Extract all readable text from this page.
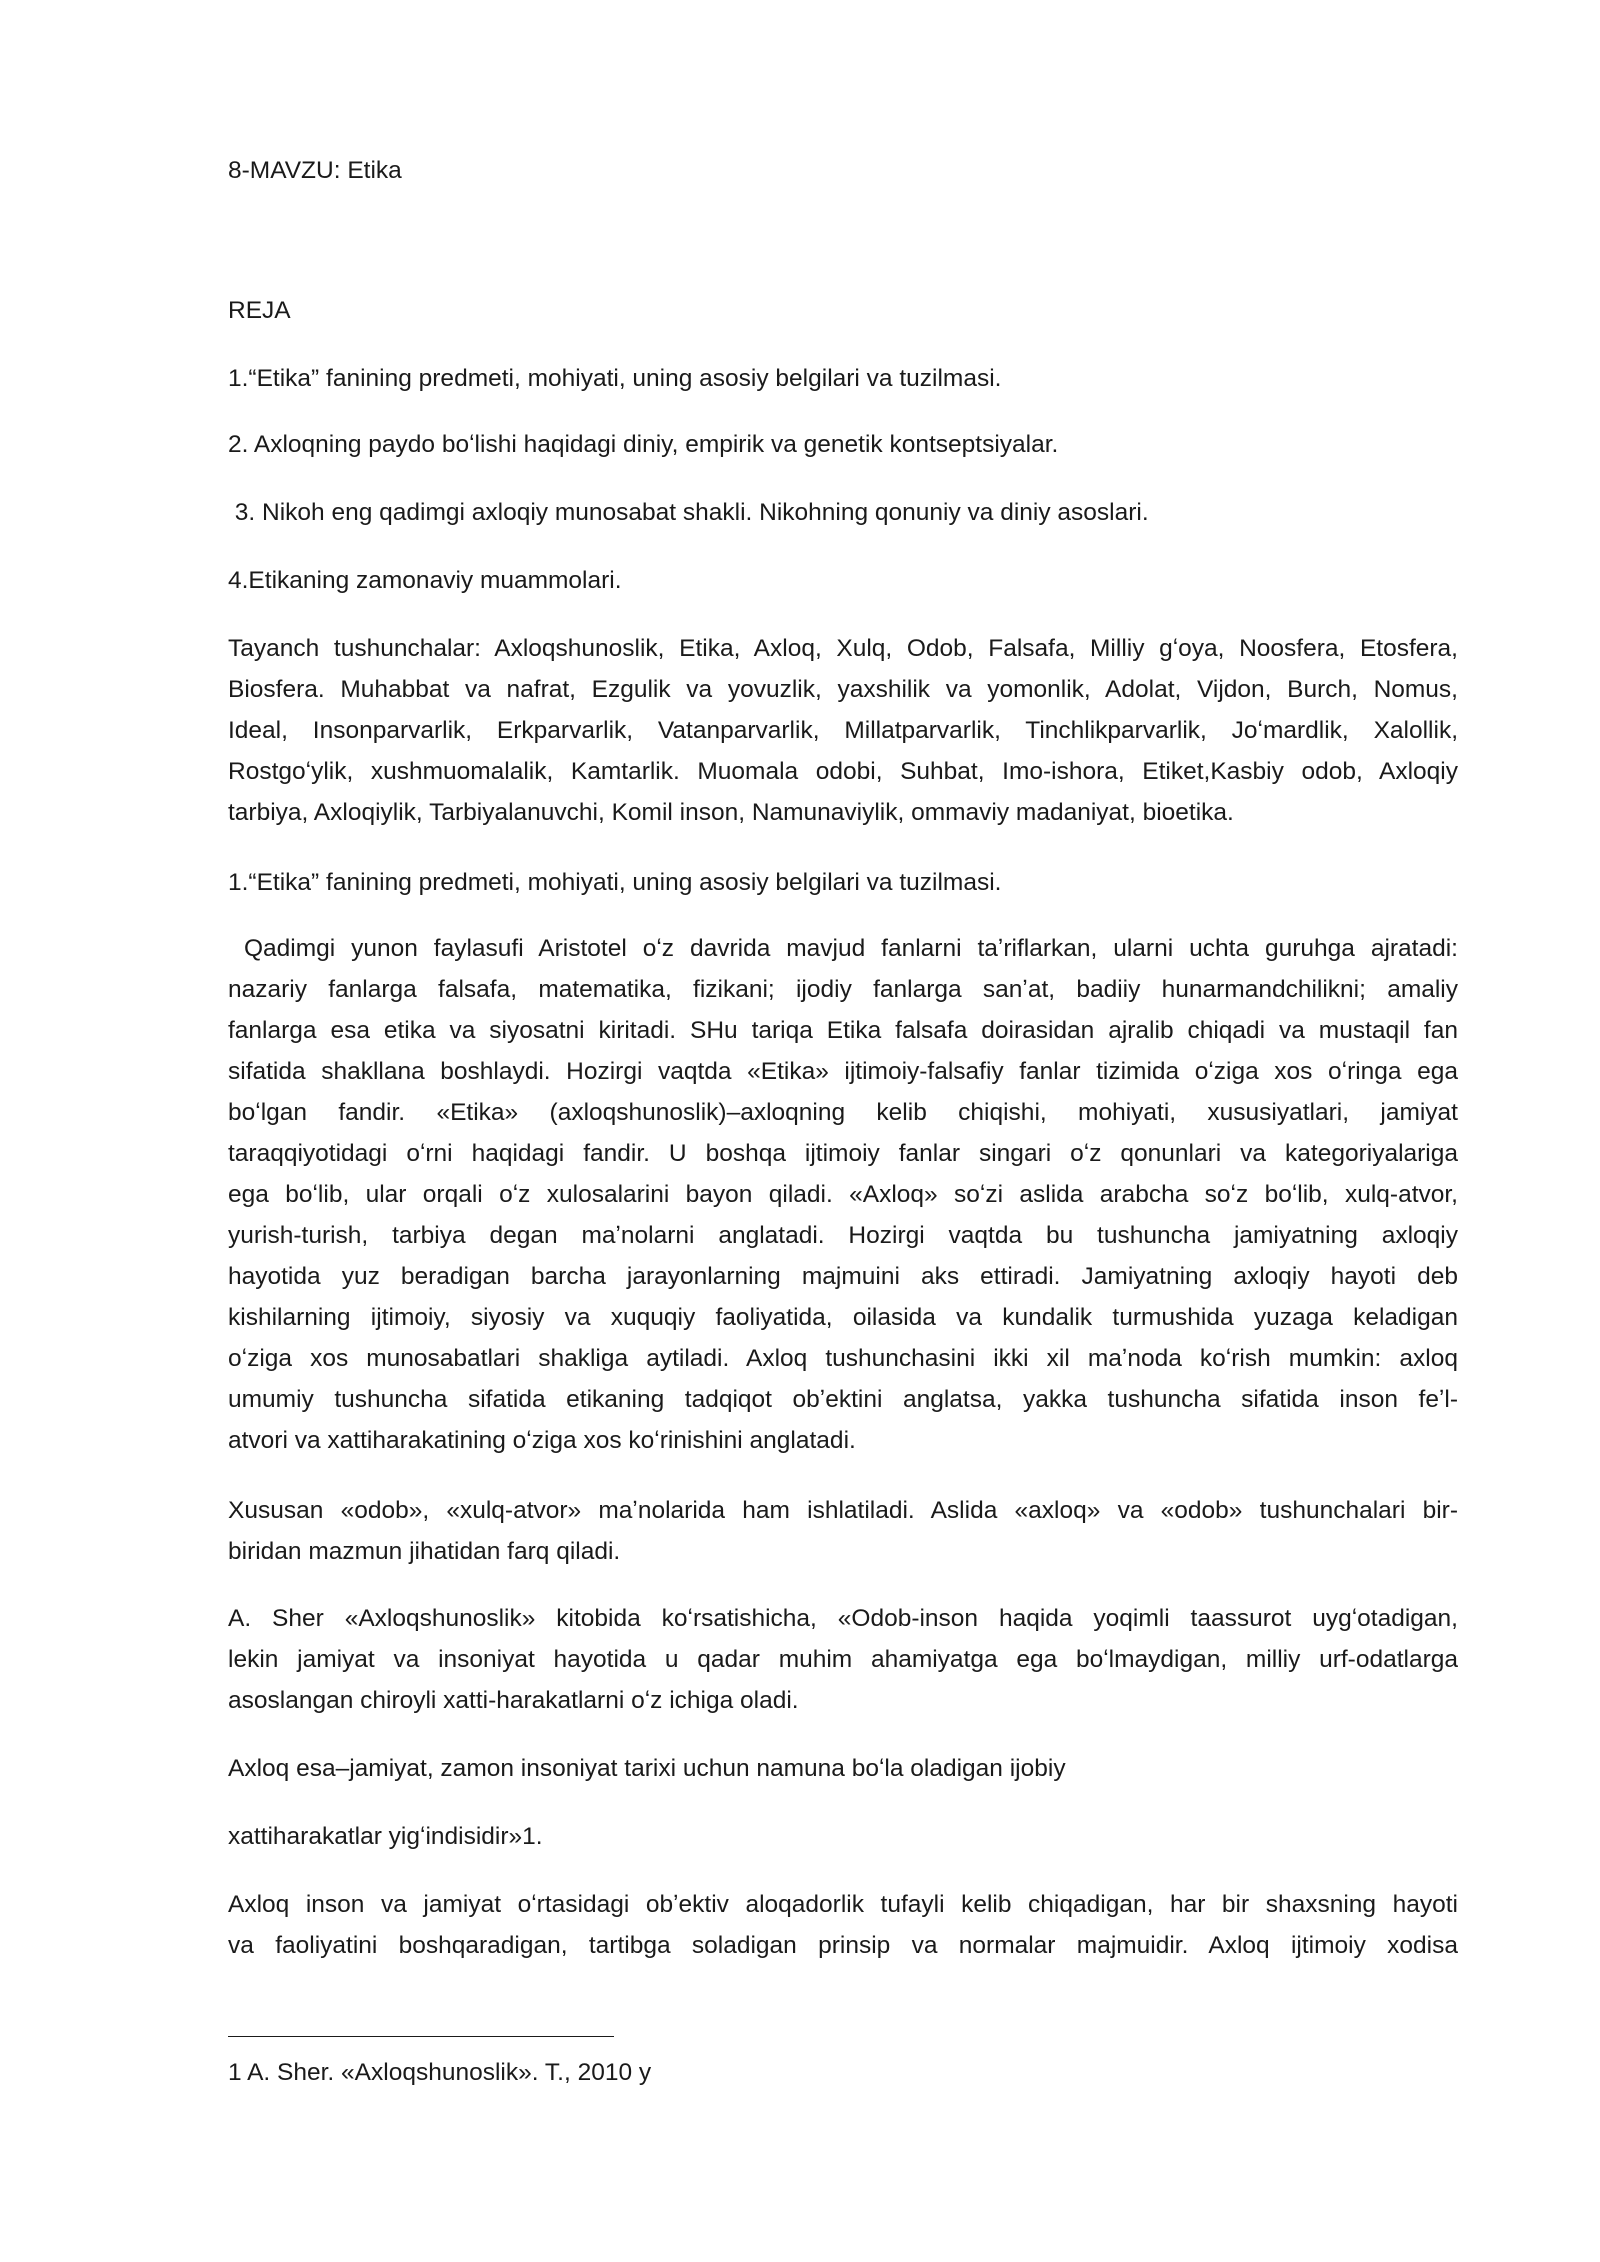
8-MAVZU: Etika

REJA

1.“Etika” fanining predmeti, mohiyati, uning asosiy belgilari va tuzilmasi.

2. Axloqning paydo boʻlishi haqidagi diniy, empirik va genetik kontseptsiyalar.

3. Nikoh eng qadimgi axloqiy munosabat shakli. Nikohning qonuniy va diniy asoslari.

4.Etikaning zamonaviy muammolari.

Tayanch tushunchalar: Axloqshunoslik, Etika, Axloq, Xulq, Odob, Falsafa, Milliy gʻoya, Noosfera, Etosfera,
Biosfera. Muhabbat va nafrat, Ezgulik va yovuzlik, yaxshilik va yomonlik, Adolat, Vijdon, Burch, Nomus,
Ideal, Insonparvarlik, Erkparvarlik, Vatanparvarlik, Millatparvarlik, Tinchlikparvarlik, Joʻmardlik, Xalollik,
Rostgoʻylik, xushmuomalalik, Kamtarlik. Muomala odobi, Suhbat, Imo-ishora, Etiket,Kasbiy odob, Axloqiy
tarbiya, Axloqiylik, Tarbiyalanuvchi, Komil inson, Namunaviylik, ommaviy madaniyat, bioetika.

1.“Etika” fanining predmeti, mohiyati, uning asosiy belgilari va tuzilmasi.

Qadimgi yunon faylasufi Aristotel oʻz davrida mavjud fanlarni taʼriflarkan, ularni uchta guruhga ajratadi:
nazariy fanlarga falsafa, matematika, fizikani; ijodiy fanlarga sanʼat, badiiy hunarmandchilikni; amaliy
fanlarga esa etika va siyosatni kiritadi. SHu tariqa Etika falsafa doirasidan ajralib chiqadi va mustaqil fan
sifatida shakllana boshlaydi. Hozirgi vaqtda «Etika» ijtimoiy-falsafiy fanlar tizimida oʻziga xos oʻringa ega
boʻlgan fandir. «Etika» (axloqshunoslik)–axloqning kelib chiqishi, mohiyati, xususiyatlari, jamiyat
taraqqiyotidagi oʻrni haqidagi fandir. U boshqa ijtimoiy fanlar singari oʻz qonunlari va kategoriyalariga
ega boʻlib, ular orqali oʻz xulosalarini bayon qiladi. «Axloq» soʻzi aslida arabcha soʻz boʻlib, xulq-atvor,
yurish-turish, tarbiya degan maʼnolarni anglatadi. Hozirgi vaqtda bu tushuncha jamiyatning axloqiy
hayotida yuz beradigan barcha jarayonlarning majmuini aks ettiradi. Jamiyatning axloqiy hayoti deb
kishilarning ijtimoiy, siyosiy va xuquqiy faoliyatida, oilasida va kundalik turmushida yuzaga keladigan
oʻziga xos munosabatlari shakliga aytiladi. Axloq tushunchasini ikki xil maʼnoda koʻrish mumkin: axloq
umumiy tushuncha sifatida etikaning tadqiqot obʼektini anglatsa, yakka tushuncha sifatida inson feʼl-
atvori va xattiharakatining oʻziga xos koʻrinishini anglatadi.
Xususan «odob», «xulq-atvor» maʼnolarida ham ishlatiladi. Aslida «axloq» va «odob» tushunchalari bir-
biridan mazmun jihatidan farq qiladi.
A. Sher «Axloqshunoslik» kitobida koʻrsatishicha, «Odob-inson haqida yoqimli taassurot uygʻotadigan,
lekin jamiyat va insoniyat hayotida u qadar muhim ahamiyatga ega boʻlmaydigan, milliy urf-odatlarga
asoslangan chiroyli xatti-harakatlarni oʻz ichiga oladi.

Axloq esa–jamiyat, zamon insoniyat tarixi uchun namuna boʻla oladigan ijobiy

xattiharakatlar yigʻindisidir»1.

Axloq inson va jamiyat oʻrtasidagi obʼektiv aloqadorlik tufayli kelib chiqadigan, har bir shaxsning hayoti
va faoliyatini boshqaradigan, tartibga soladigan prinsip va normalar majmuidir. Axloq ijtimoiy xodisa

1 A. Sher. «Axloqshunoslik». T., 2010 y
